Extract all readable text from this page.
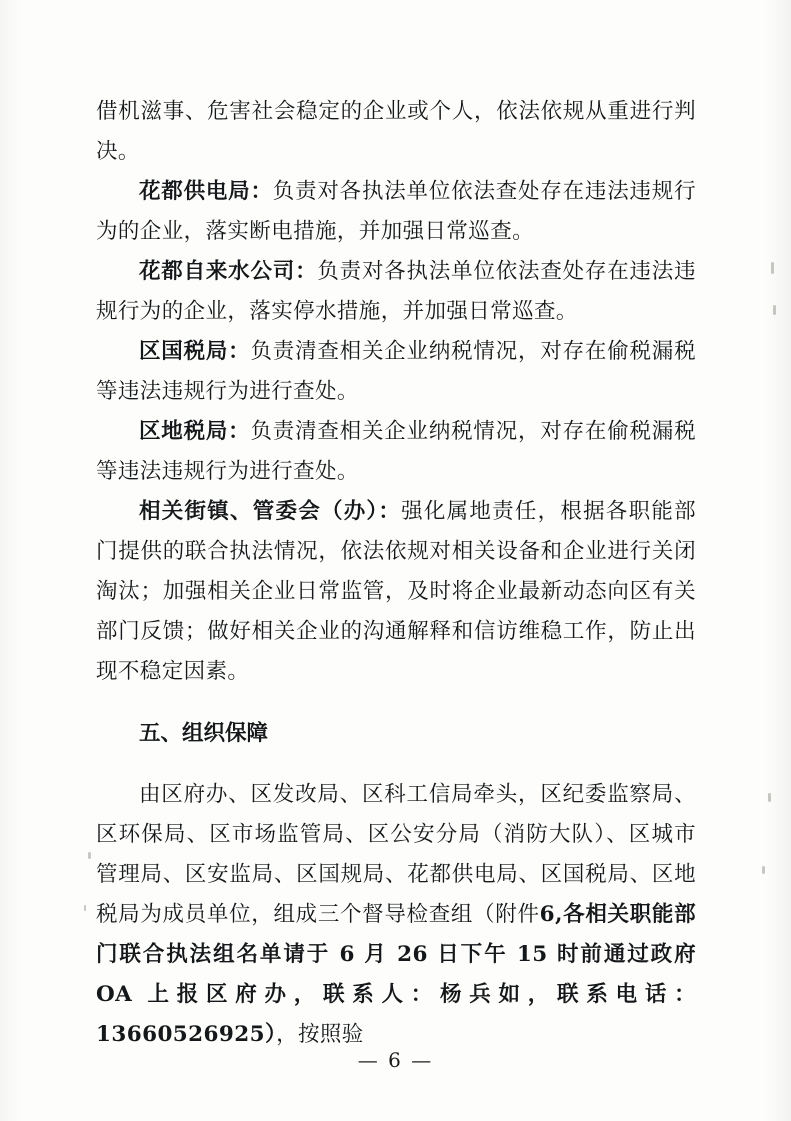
借机滋事、危害社会稳定的企业或个人，依法依规从重进行判决。

花都供电局：负责对各执法单位依法查处存在违法违规行为的企业，落实断电措施，并加强日常巡查。

花都自来水公司：负责对各执法单位依法查处存在违法违规行为的企业，落实停水措施，并加强日常巡查。

区国税局：负责清查相关企业纳税情况，对存在偷税漏税等违法违规行为进行查处。

区地税局：负责清查相关企业纳税情况，对存在偷税漏税等违法违规行为进行查处。

相关街镇、管委会（办）：强化属地责任，根据各职能部门提供的联合执法情况，依法依规对相关设备和企业进行关闭淘汰；加强相关企业日常监管，及时将企业最新动态向区有关部门反馈；做好相关企业的沟通解释和信访维稳工作，防止出现不稳定因素。

五、组织保障

由区府办、区发改局、区科工信局牵头，区纪委监察局、区环保局、区市场监管局、区公安分局（消防大队）、区城市管理局、区安监局、区国规局、花都供电局、区国税局、区地税局为成员单位，组成三个督导检查组（附件6,各相关职能部门联合执法组名单请于 6 月 26 日下午 15 时前通过政府 OA 上报区府办，联系人：杨兵如，联系电话：13660526925），按照验

— 6 —
